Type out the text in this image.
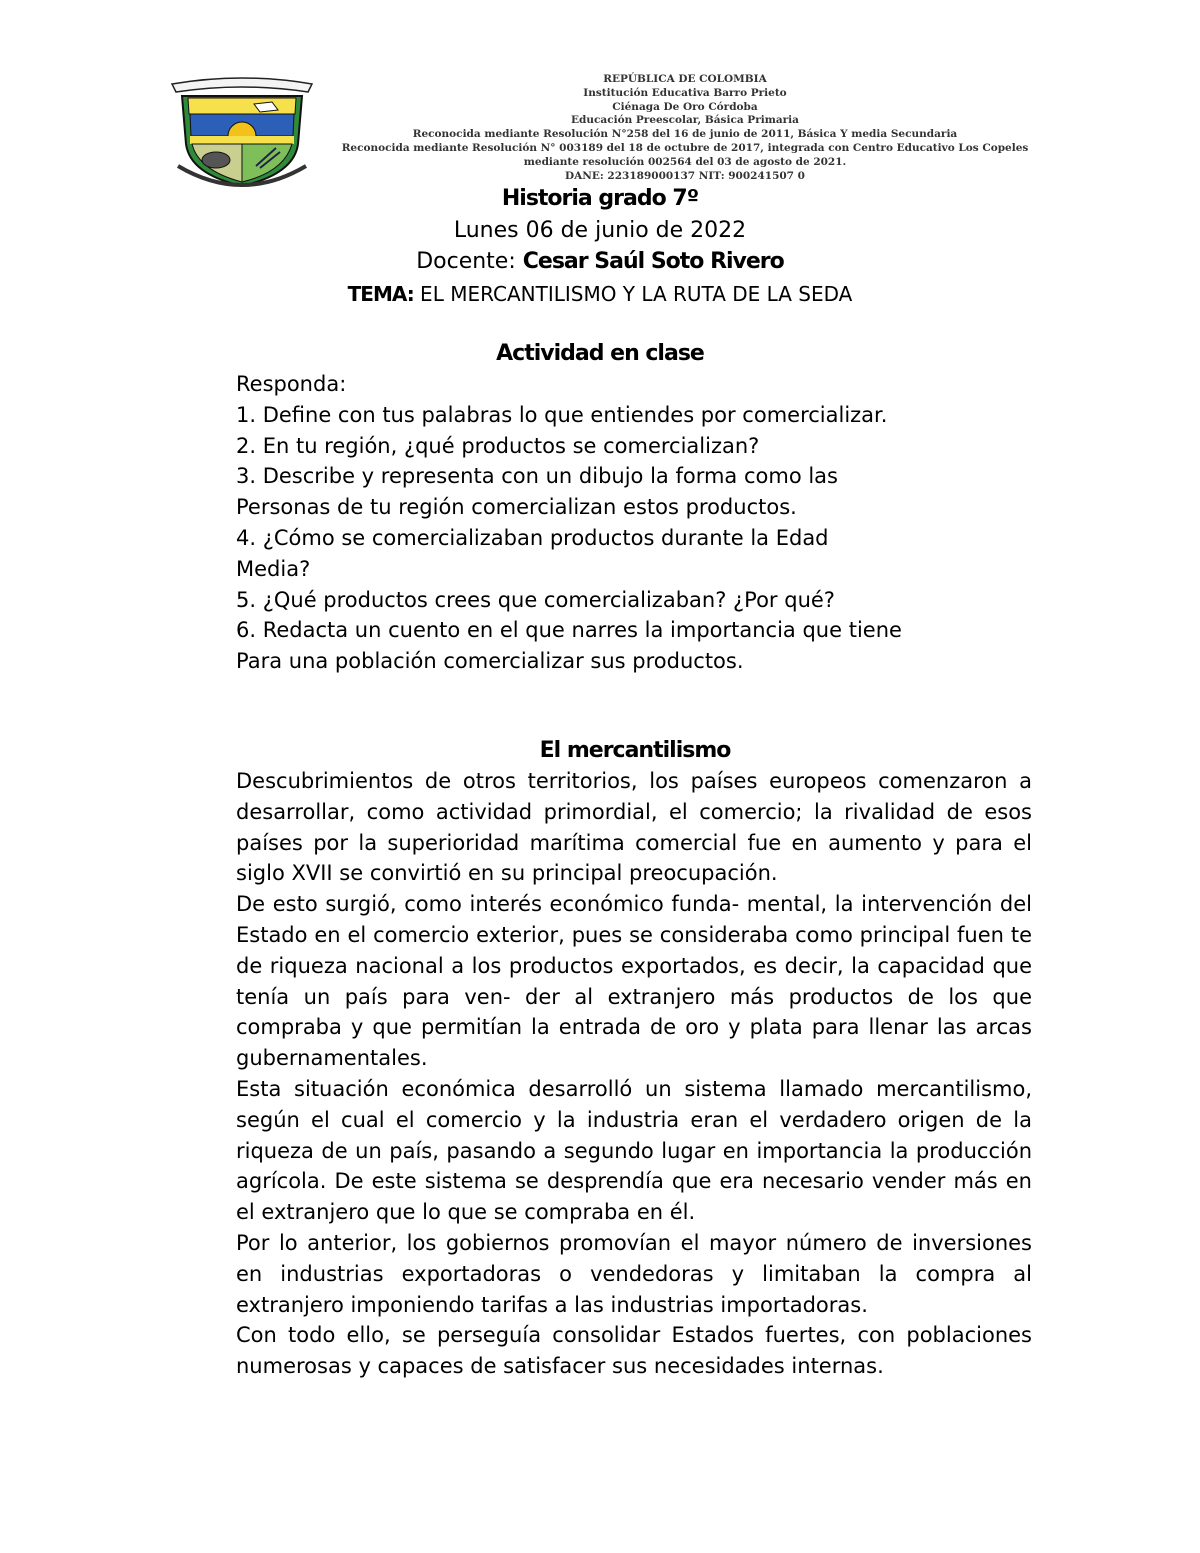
REPÚBLICA DE COLOMBIA
Institución Educativa Barro Prieto
Ciénaga De Oro Córdoba
Educación Preescolar, Básica Primaria
Reconocida mediante Resolución N°258 del 16 de junio de 2011, Básica Y media Secundaria
Reconocida mediante Resolución N° 003189 del 18 de octubre de 2017, integrada con Centro Educativo Los Copeles
mediante resolución 002564 del 03 de agosto de 2021.
DANE: 223189000137 NIT: 900241507 0
Historia grado 7º
Lunes 06 de junio de 2022
Docente: Cesar Saúl Soto Rivero
TEMA: EL MERCANTILISMO Y LA RUTA DE LA SEDA
Actividad en clase
Responda:
1. Define con tus palabras lo que entiendes por comercializar.
2. En tu región, ¿qué productos se comercializan?
3. Describe y representa con un dibujo la forma como las
Personas de tu región comercializan estos productos.
4. ¿Cómo se comercializaban productos durante la Edad
Media?
5. ¿Qué productos crees que comercializaban? ¿Por qué?
6. Redacta un cuento en el que narres la importancia que tiene
Para una población comercializar sus productos.
El mercantilismo

Descubrimientos de otros territorios, los países europeos comenzaron a desarrollar, como actividad primordial, el comercio; la rivalidad de esos países por la superioridad marítima comercial fue en aumento y para el siglo XVII se convirtió en su principal preocupación.

De esto surgió, como interés económico funda- mental, la intervención del Estado en el comercio exterior, pues se consideraba como principal fuen te de riqueza nacional a los productos exportados, es decir, la capacidad que tenía un país para ven- der al extranjero más productos de los que compraba y que permitían la entrada de oro y plata para llenar las arcas gubernamentales.

Esta situación económica desarrolló un sistema llamado mercantilismo, según el cual el comercio y la industria eran el verdadero origen de la riqueza de un país, pasando a segundo lugar en importancia la producción agrícola. De este sistema se desprendía que era necesario vender más en el extranjero que lo que se compraba en él.

Por lo anterior, los gobiernos promovían el mayor número de inversiones en industrias exportadoras o vendedoras y limitaban la compra al extranjero imponiendo tarifas a las industrias importadoras.

Con todo ello, se perseguía consolidar Estados fuertes, con poblaciones numerosas y capaces de satisfacer sus necesidades internas.
